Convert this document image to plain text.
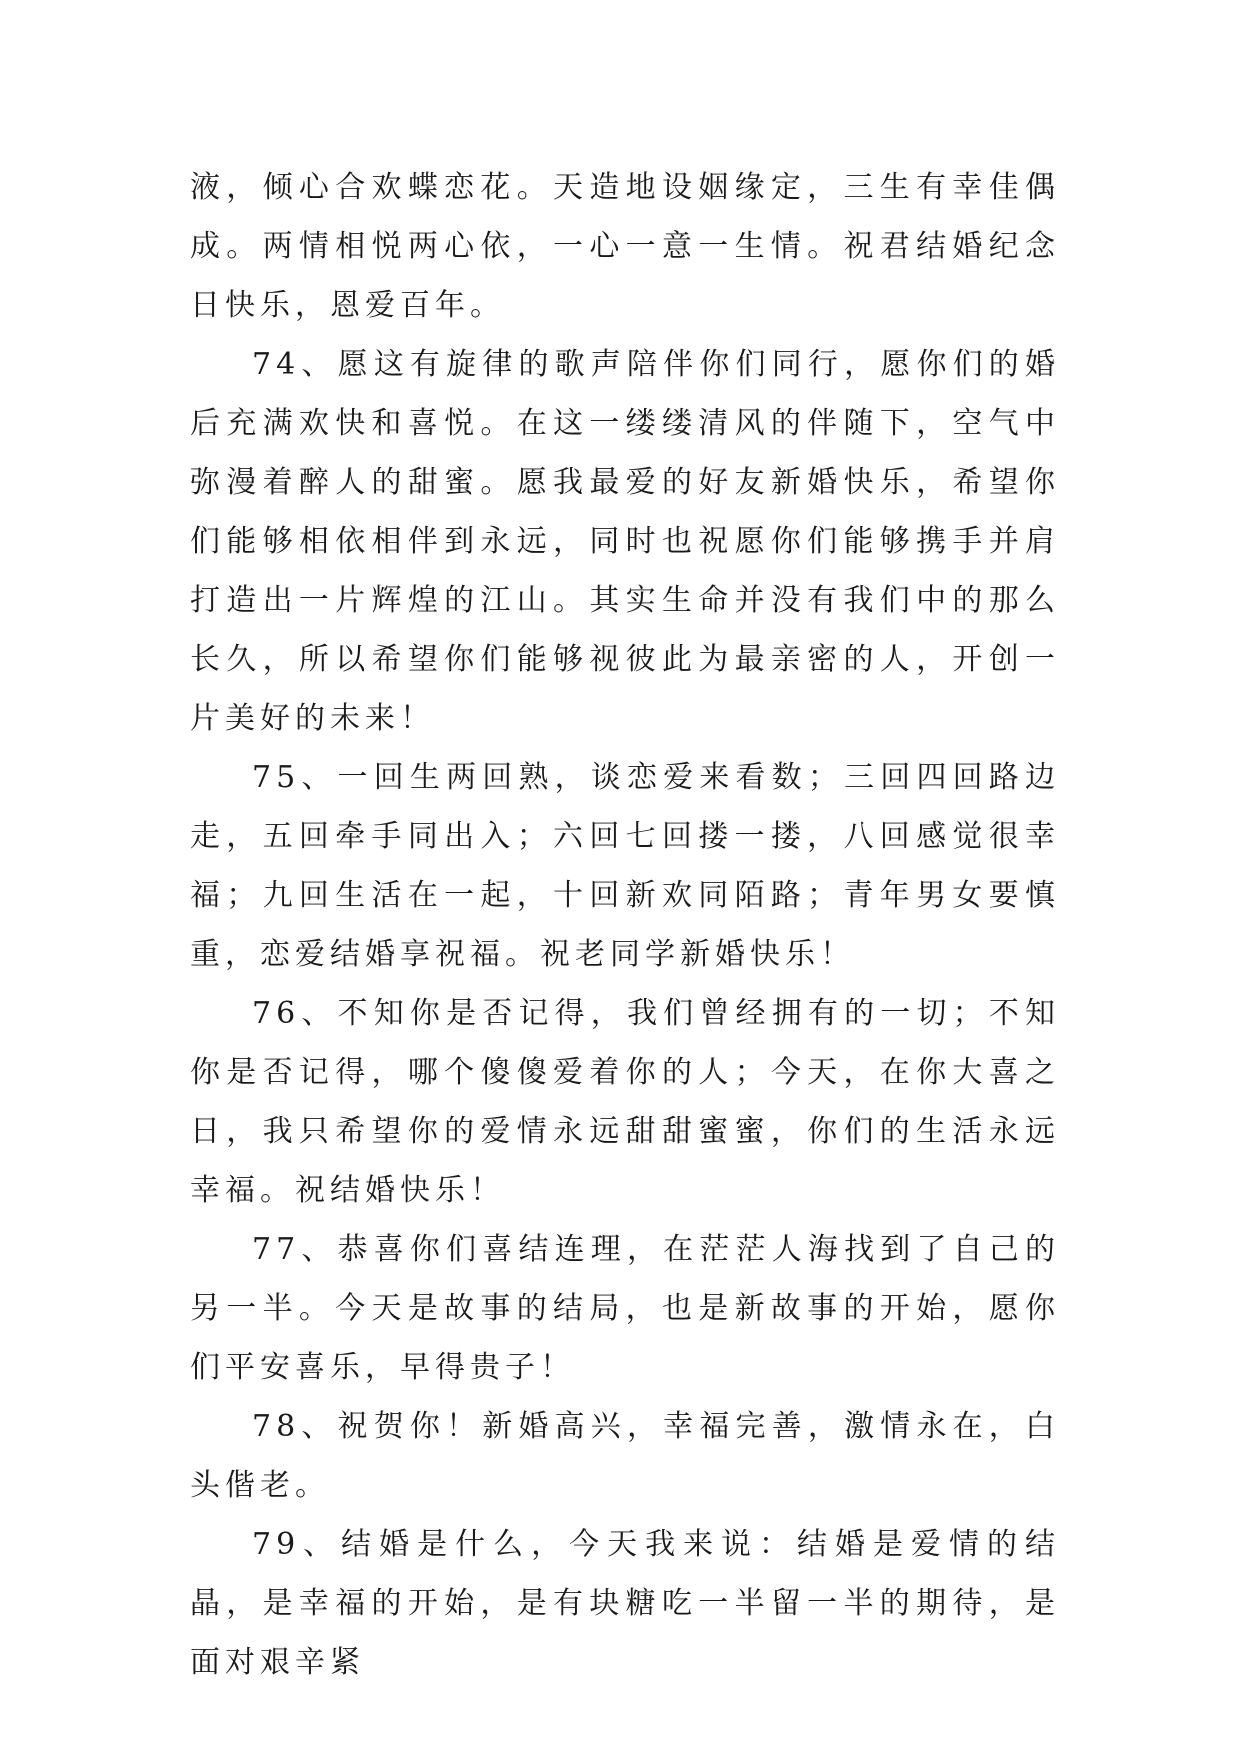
液，倾心合欢蝶恋花。天造地设姻缘定，三生有幸佳偶成。两情相悦两心依，一心一意一生情。祝君结婚纪念日快乐，恩爱百年。

74、愿这有旋律的歌声陪伴你们同行，愿你们的婚后充满欢快和喜悦。在这一缕缕清风的伴随下，空气中弥漫着醉人的甜蜜。愿我最爱的好友新婚快乐，希望你们能够相依相伴到永远，同时也祝愿你们能够携手并肩打造出一片辉煌的江山。其实生命并没有我们中的那么长久，所以希望你们能够视彼此为最亲密的人，开创一片美好的未来！

75、一回生两回熟，谈恋爱来看数；三回四回路边走，五回牵手同出入；六回七回搂一搂，八回感觉很幸福；九回生活在一起，十回新欢同陌路；青年男女要慎重，恋爱结婚享祝福。祝老同学新婚快乐！

76、不知你是否记得，我们曾经拥有的一切；不知你是否记得，哪个傻傻爱着你的人；今天，在你大喜之日，我只希望你的爱情永远甜甜蜜蜜，你们的生活永远幸福。祝结婚快乐！

77、恭喜你们喜结连理，在茫茫人海找到了自己的另一半。今天是故事的结局，也是新故事的开始，愿你们平安喜乐，早得贵子！

78、祝贺你！新婚高兴，幸福完善，激情永在，白头偕老。

79、结婚是什么，今天我来说：结婚是爱情的结晶，是幸福的开始，是有块糖吃一半留一半的期待，是面对艰辛紧
